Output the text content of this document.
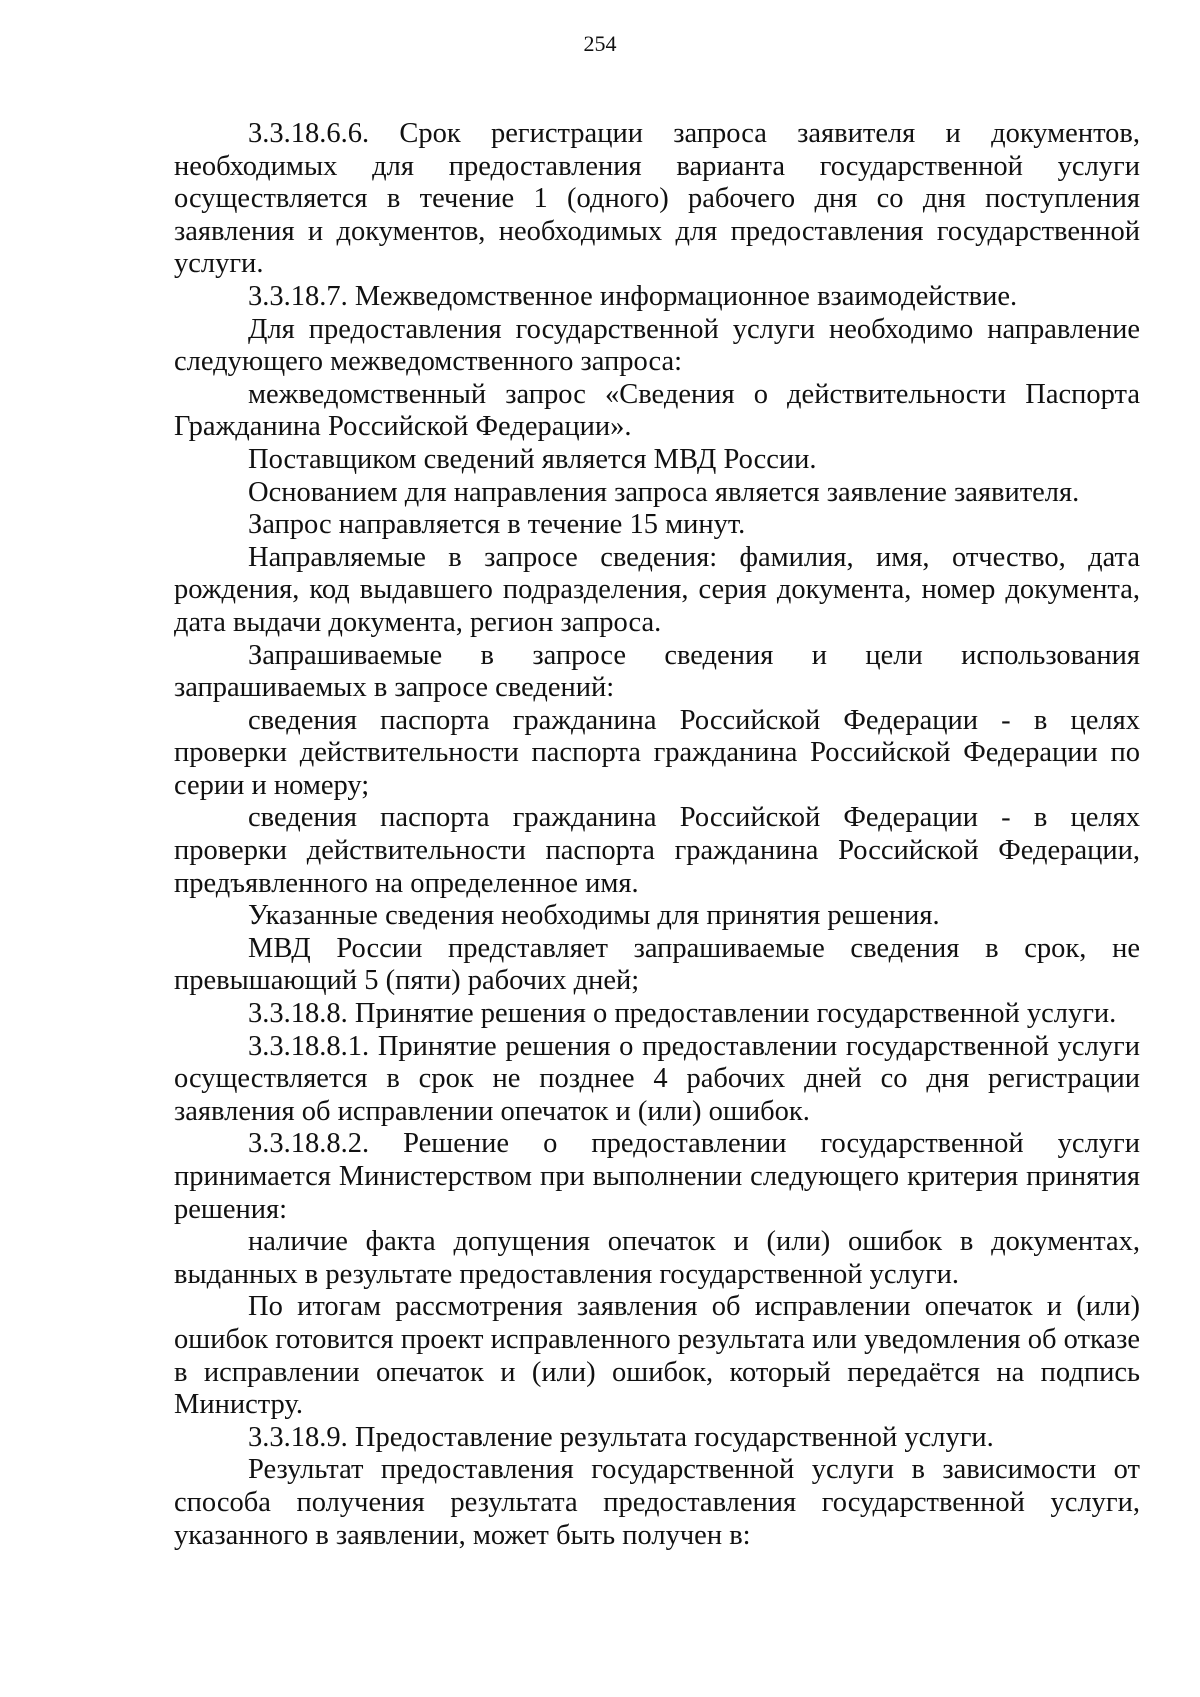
254

3.3.18.6.6. Срок регистрации запроса заявителя и документов, необходимых для предоставления варианта государственной услуги осуществляется в течение 1 (одного) рабочего дня со дня поступления заявления и документов, необходимых для предоставления государственной услуги.

3.3.18.7. Межведомственное информационное взаимодействие.

Для предоставления государственной услуги необходимо направление следующего межведомственного запроса:

межведомственный запрос «Сведения о действительности Паспорта Гражданина Российской Федерации».

Поставщиком сведений является МВД России.

Основанием для направления запроса является заявление заявителя.

Запрос направляется в течение 15 минут.

Направляемые в запросе сведения: фамилия, имя, отчество, дата рождения, код выдавшего подразделения, серия документа, номер документа, дата выдачи документа, регион запроса.

Запрашиваемые в запросе сведения и цели использования запрашиваемых в запросе сведений:

сведения паспорта гражданина Российской Федерации - в целях проверки действительности паспорта гражданина Российской Федерации по серии и номеру;

сведения паспорта гражданина Российской Федерации - в целях проверки действительности паспорта гражданина Российской Федерации, предъявленного на определенное имя.

Указанные сведения необходимы для принятия решения.

МВД России представляет запрашиваемые сведения в срок, не превышающий 5 (пяти) рабочих дней;

3.3.18.8. Принятие решения о предоставлении государственной услуги.

3.3.18.8.1. Принятие решения о предоставлении государственной услуги осуществляется в срок не позднее 4 рабочих дней со дня регистрации заявления об исправлении опечаток и (или) ошибок.

3.3.18.8.2. Решение о предоставлении государственной услуги принимается Министерством при выполнении следующего критерия принятия решения:

наличие факта допущения опечаток и (или) ошибок в документах, выданных в результате предоставления государственной услуги.

По итогам рассмотрения заявления об исправлении опечаток и (или) ошибок готовится проект исправленного результата или уведомления об отказе в исправлении опечаток и (или) ошибок, который передаётся на подпись Министру.

3.3.18.9. Предоставление результата государственной услуги.

Результат предоставления государственной услуги в зависимости от способа получения результата предоставления государственной услуги, указанного в заявлении, может быть получен в:
